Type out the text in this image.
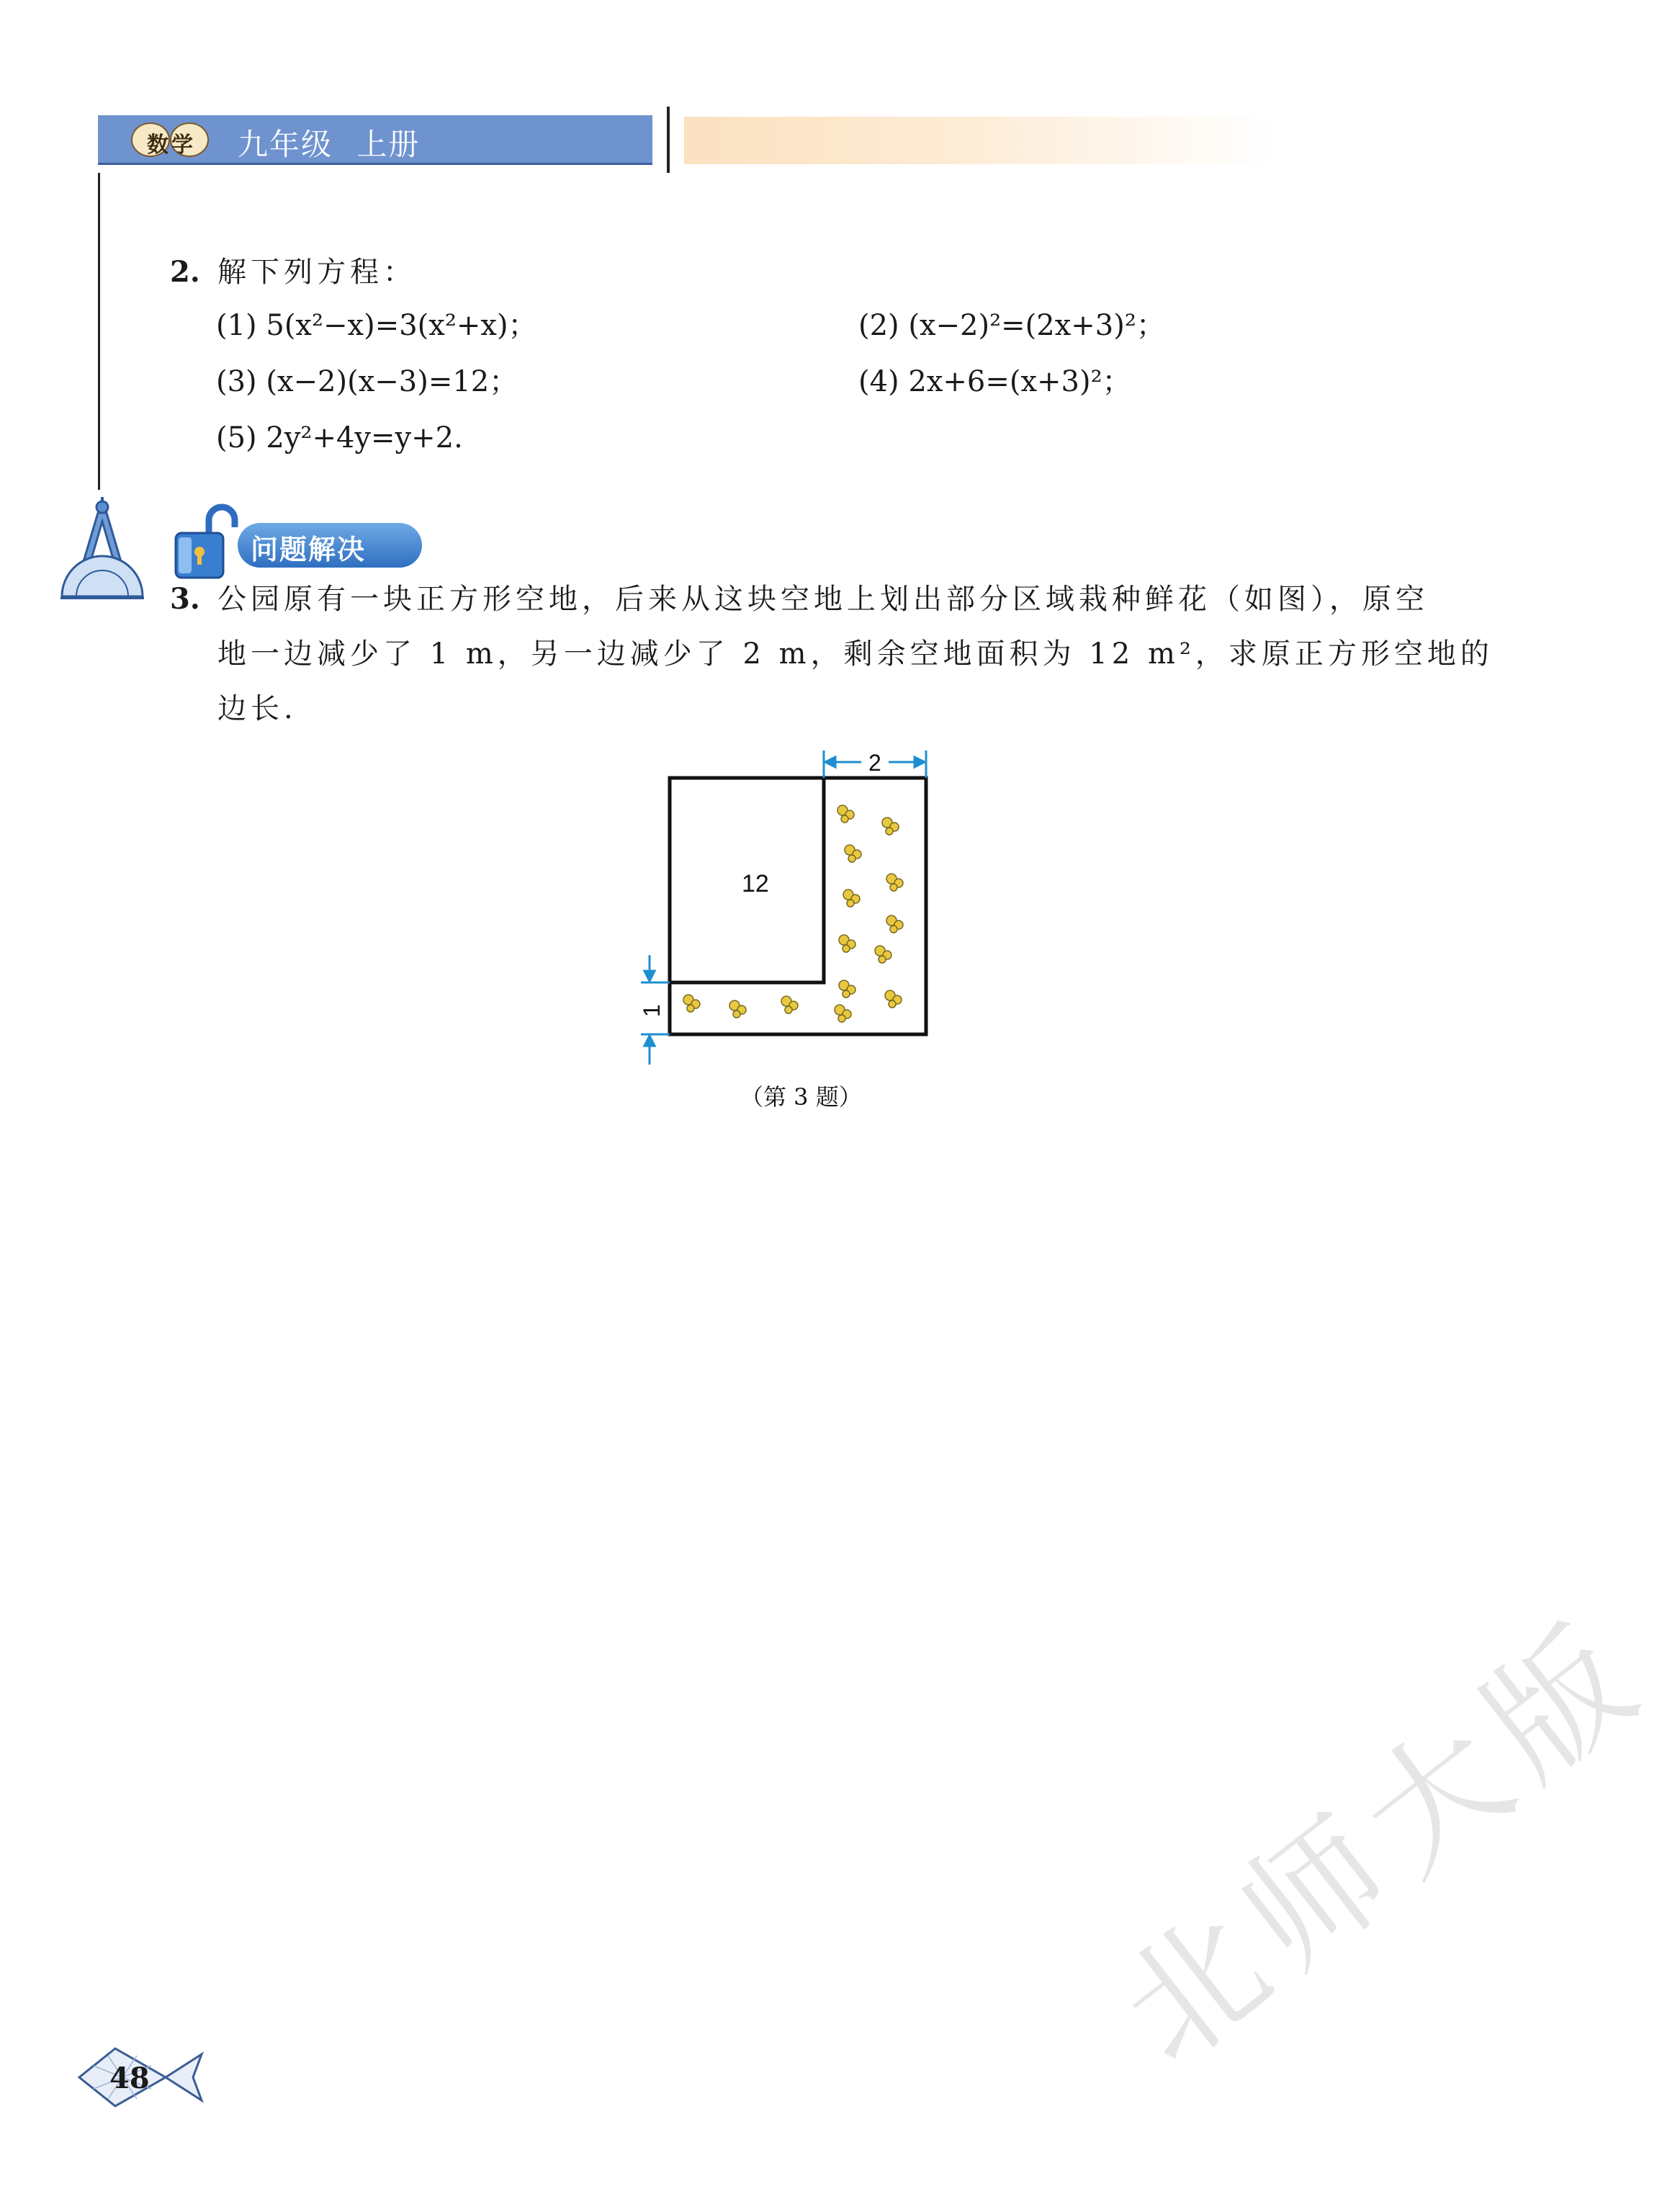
数学	九年级 上册
2. 解下列方程：
(1) 5(x²−x)=3(x²+x)；	(2) (x−2)²=(2x+3)²；
(3) (x−2)(x−3)=12；	(4) 2x+6=(x+3)²；
(5) 2y²+4y=y+2.
问题解决
3. 公园原有一块正方形空地，后来从这块空地上划出部分区域栽种鲜花（如图），原空
地一边减少了 1 m，另一边减少了 2 m，剩余空地面积为 12 m²，求原正方形空地的
边长.
12
2
1
（第 3 题）
北师大版
48
